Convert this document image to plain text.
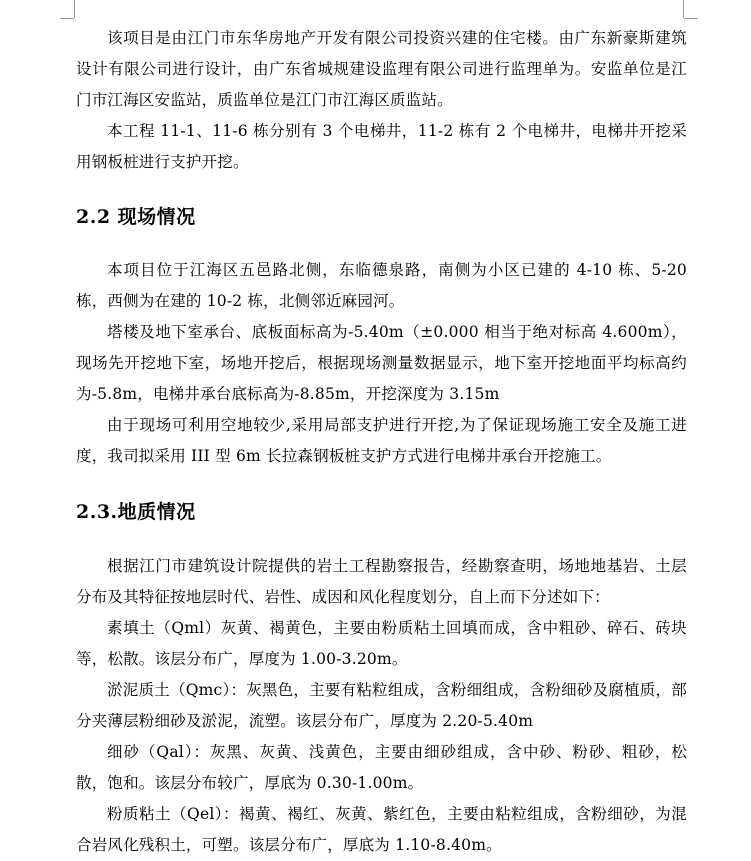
该项目是由江门市东华房地产开发有限公司投资兴建的住宅楼。由广东新豪斯建筑设计有限公司进行设计，由广东省城规建设监理有限公司进行监理单为。安监单位是江门市江海区安监站，质监单位是江门市江海区质监站。

本工程 11-1、11-6 栋分别有 3 个电梯井，11-2 栋有 2 个电梯井，电梯井开挖采用钢板桩进行支护开挖。

2.2 现场情况

本项目位于江海区五邑路北侧，东临德泉路，南侧为小区已建的 4-10 栋、5-20 栋，西侧为在建的 10-2 栋，北侧邻近麻园河。

塔楼及地下室承台、底板面标高为-5.40m（±0.000 相当于绝对标高 4.600m）， 现场先开挖地下室，场地开挖后，根据现场测量数据显示，地下室开挖地面平均标高约为-5.8m，电梯井承台底标高为-8.85m，开挖深度为 3.15m

由于现场可利用空地较少,采用局部支护进行开挖,为了保证现场施工安全及施工进度，我司拟采用 III 型 6m 长拉森钢板桩支护方式进行电梯井承台开挖施工。

2.3.地质情况

根据江门市建筑设计院提供的岩土工程勘察报告，经勘察查明，场地地基岩、土层分布及其特征按地层时代、岩性、成因和风化程度划分，自上而下分述如下：

素填土（Qml）灰黄、褐黄色，主要由粉质粘土回填而成，含中粗砂、碎石、砖块等，松散。该层分布广，厚度为 1.00-3.20m。

淤泥质土（Qmc）：灰黑色，主要有粘粒组成，含粉细组成，含粉细砂及腐植质，部分夹薄层粉细砂及淤泥，流塑。该层分布广，厚度为 2.20-5.40m

细砂（Qal）：灰黑、灰黄、浅黄色，主要由细砂组成，含中砂、粉砂、粗砂，松散，饱和。该层分布较广，厚底为 0.30-1.00m。

粉质粘土（Qel）：褐黄、褐红、灰黄、紫红色，主要由粘粒组成，含粉细砂，为混合岩风化残积土，可塑。该层分布广，厚底为 1.10-8.40m。
